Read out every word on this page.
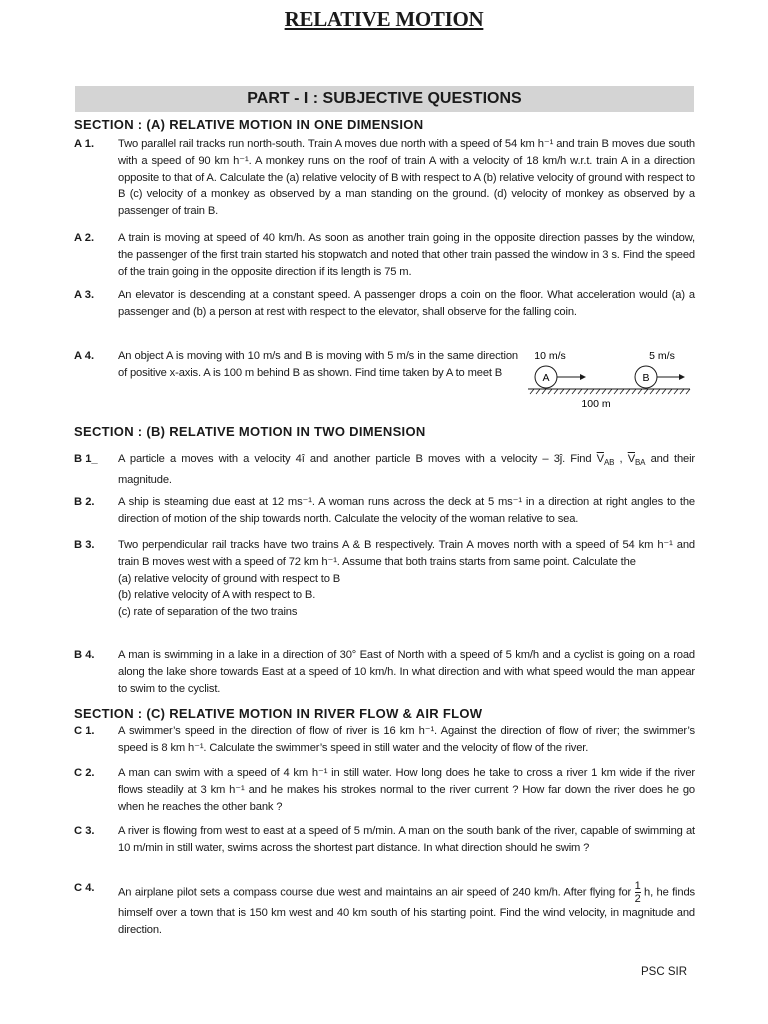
RELATIVE MOTION
PART - I : SUBJECTIVE QUESTIONS
SECTION : (A) RELATIVE MOTION IN ONE DIMENSION
A 1. Two parallel rail tracks run north-south. Train A moves due north with a speed of 54 km h⁻¹ and train B moves due south with a speed of 90 km h⁻¹. A monkey runs on the roof of train A with a velocity of 18 km/h w.r.t. train A in a direction opposite to that of A. Calculate the (a) relative velocity of B with respect to A (b) relative velocity of ground with respect to B (c) velocity of a monkey as observed by a man standing on the ground. (d) velocity of monkey as observed by a passenger of train B.
A 2. A train is moving at speed of 40 km/h. As soon as another train going in the opposite direction passes by the window, the passenger of the first train started his stopwatch and noted that other train passed the window in 3 s. Find the speed of the train going in the opposite direction if its length is 75 m.
A 3. An elevator is descending at a constant speed. A passenger drops a coin on the floor. What acceleration would (a) a passenger and (b) a person at rest with respect to the elevator, shall observe for the falling coin.
A 4. An object A is moving with 10 m/s and B is moving with 5 m/s in the same direction of positive x-axis. A is 100 m behind B as shown. Find time taken by A to meet B
10 m/s	5 m/s
A	B
100 m
SECTION : (B) RELATIVE MOTION IN TWO DIMENSION
B 1_ A particle a moves with a velocity 4î and another particle B moves with a velocity – 3ĵ. Find $\overline{V}_{AB}$ , $\overline{V}_{BA}$ and their magnitude.
B 2. A ship is steaming due east at 12 ms⁻¹. A woman runs across the deck at 5 ms⁻¹ in a direction at right angles to the direction of motion of the ship towards north. Calculate the velocity of the woman relative to sea.
B 3. Two perpendicular rail tracks have two trains A & B respectively. Train A moves north with a speed of 54 km h⁻¹ and train B moves west with a speed of 72 km h⁻¹. Assume that both trains starts from same point. Calculate the

(a) relative velocity of ground with respect to B

(b) relative velocity of A with respect to B.

(c) rate of separation of the two trains

B 4. A man is swimming in a lake in a direction of 30° East of North with a speed of 5 km/h and a cyclist is going on a road along the lake shore towards East at a speed of 10 km/h. In what direction and with what speed would the man appear to swim to the cyclist.
SECTION : (C) RELATIVE MOTION IN RIVER FLOW & AIR FLOW
C 1. A swimmer’s speed in the direction of flow of river is 16 km h⁻¹. Against the direction of flow of river; the swimmer’s speed is 8 km h⁻¹. Calculate the swimmer’s speed in still water and the velocity of flow of the river.
C 2. A man can swim with a speed of 4 km h⁻¹ in still water. How long does he take to cross a river 1 km wide if the river flows steadily at 3 km h⁻¹ and he makes his strokes normal to the river current ? How far down the river does he go when he reaches the other bank ?
C 3. A river is flowing from west to east at a speed of 5 m/min. A man on the south bank of the river, capable of swimming at 10 m/min in still water, swims across the shortest part distance. In what direction should he swim ?
C 4. An airplane pilot sets a compass course due west and maintains an air speed of 240 km/h. After flying for $\frac{1}{2} h$, he finds himself over a town that is 150 km west and 40 km south of his starting point. Find the wind velocity, in magnitude and direction.
PSC SIR
